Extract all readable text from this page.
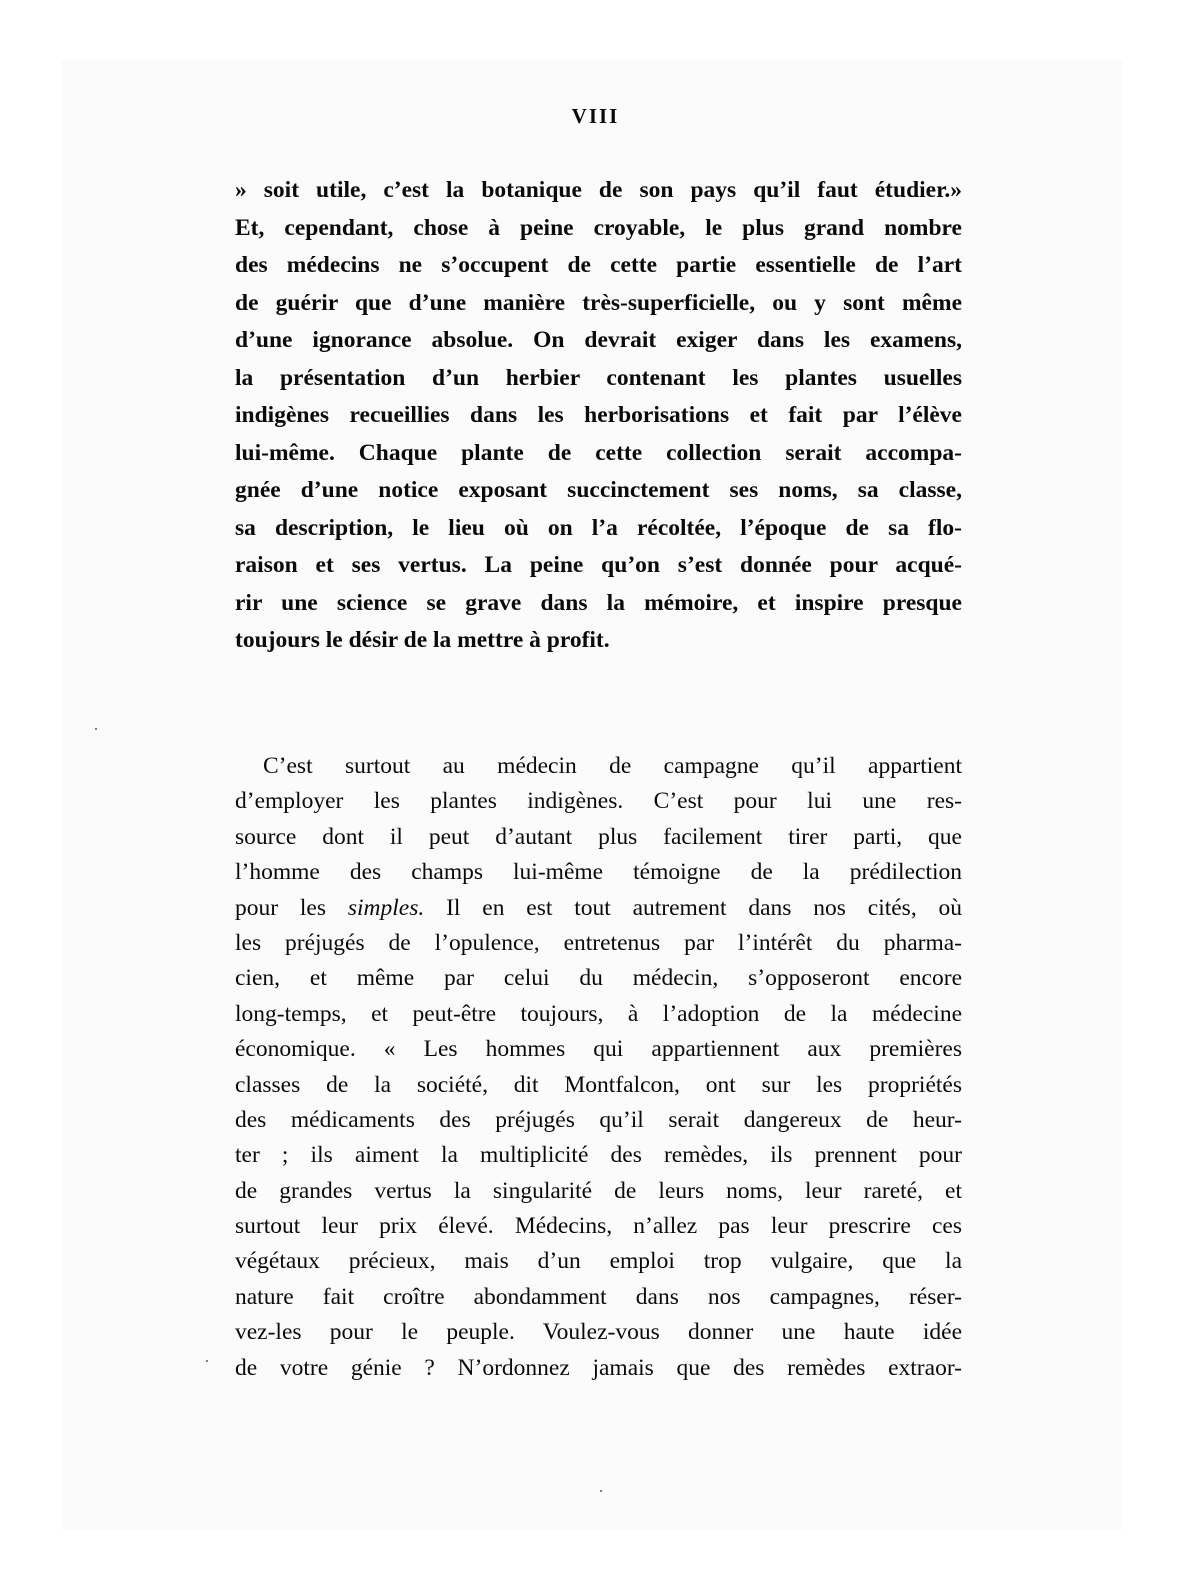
VIII
» soit utile, c’est la botanique de son pays qu’il faut étudier.»
Et, cependant, chose à peine croyable, le plus grand nombre
des médecins ne s’occupent de cette partie essentielle de l’art
de guérir que d’une manière très-superficielle, ou y sont même
d’une ignorance absolue. On devrait exiger dans les examens,
la présentation d’un herbier contenant les plantes usuelles
indigènes recueillies dans les herborisations et fait par l’élève
lui-même. Chaque plante de cette collection serait accompa-
gnée d’une notice exposant succinctement ses noms, sa classe,
sa description, le lieu où on l’a récoltée, l’époque de sa flo-
raison et ses vertus. La peine qu’on s’est donnée pour acqué-
rir une science se grave dans la mémoire, et inspire presque
toujours le désir de la mettre à profit.
C’est surtout au médecin de campagne qu’il appartient
d’employer les plantes indigènes. C’est pour lui une res-
source dont il peut d’autant plus facilement tirer parti, que
l’homme des champs lui-même témoigne de la prédilection
pour les simples. Il en est tout autrement dans nos cités, où
les préjugés de l’opulence, entretenus par l’intérêt du pharma-
cien, et même par celui du médecin, s’opposeront encore
long-temps, et peut-être toujours, à l’adoption de la médecine
économique. « Les hommes qui appartiennent aux premières
classes de la société, dit Montfalcon, ont sur les propriétés
des médicaments des préjugés qu’il serait dangereux de heur-
ter ; ils aiment la multiplicité des remèdes, ils prennent pour
de grandes vertus la singularité de leurs noms, leur rareté, et
surtout leur prix élevé. Médecins, n’allez pas leur prescrire ces
végétaux précieux, mais d’un emploi trop vulgaire, que la
nature fait croître abondamment dans nos campagnes, réser-
vez-les pour le peuple. Voulez-vous donner une haute idée
de votre génie ? N’ordonnez jamais que des remèdes extraor-
